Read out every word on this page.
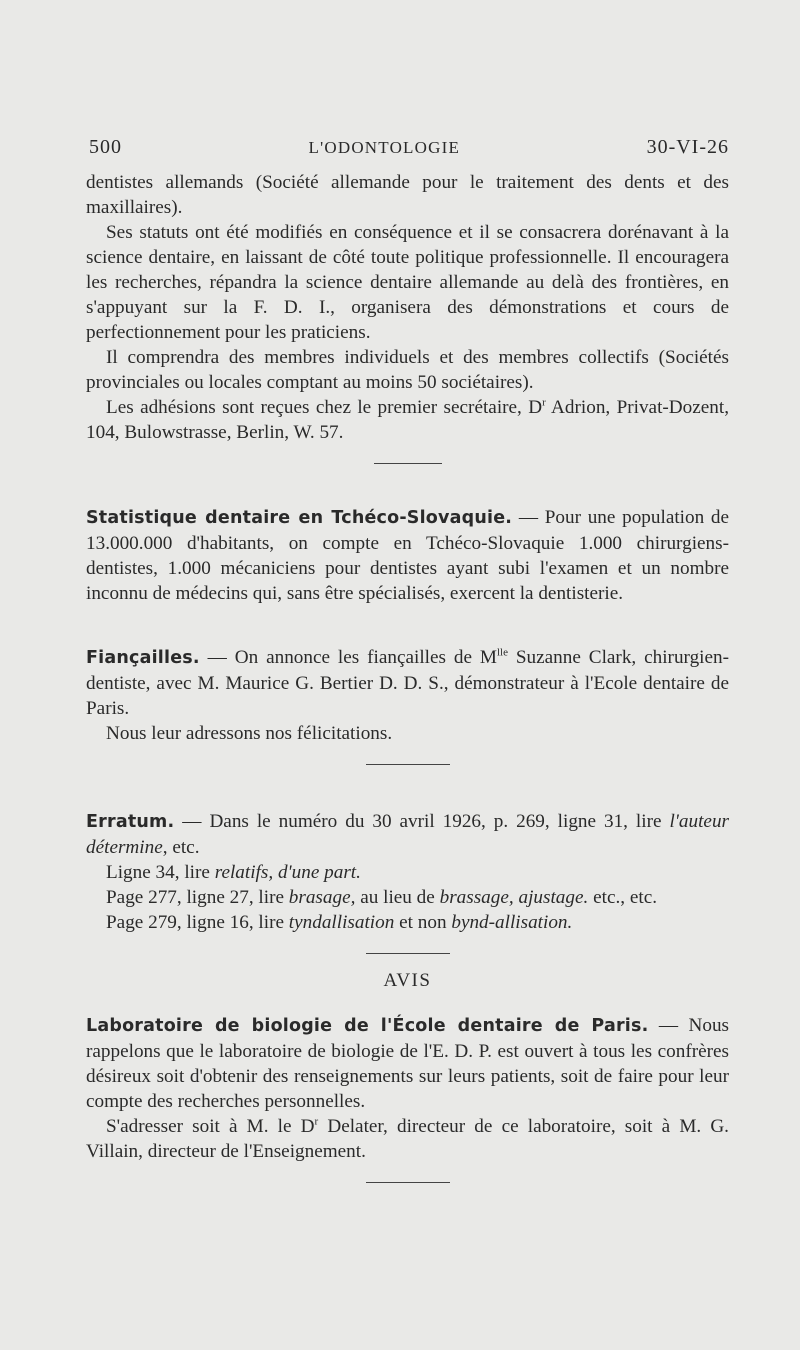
500	L'ODONTOLOGIE	30-VI-26

dentistes allemands (Société allemande pour le traitement des dents et des maxillaires).

Ses statuts ont été modifiés en conséquence et il se consacrera dorénavant à la science dentaire, en laissant de côté toute politique professionnelle. Il encouragera les recherches, répandra la science dentaire allemande au delà des frontières, en s'appuyant sur la F. D. I., organisera des démonstrations et cours de perfectionnement pour les praticiens.

Il comprendra des membres individuels et des membres collectifs (Sociétés provinciales ou locales comptant au moins 50 sociétaires).

Les adhésions sont reçues chez le premier secrétaire, $D^r$ Adrion, Privat-Dozent, 104, Bulowstrasse, Berlin, W. 57.

Statistique dentaire en Tchéco-Slovaquie. — Pour une population de 13.000.000 d'habitants, on compte en Tchéco-Slovaquie 1.000 chirurgiens-dentistes, 1.000 mécaniciens pour dentistes ayant subi l'examen et un nombre inconnu de médecins qui, sans être spécialisés, exercent la dentisterie.

Fiançailles. — On annonce les fiançailles de $M^{lle}$ Suzanne Clark, chirurgien-dentiste, avec M. Maurice G. Bertier D. D. S., démonstrateur à l'Ecole dentaire de Paris.

Nous leur adressons nos félicitations.

Erratum. — Dans le numéro du 30 avril 1926, p. 269, ligne 31, lire l'auteur détermine, etc.

Ligne 34, lire relatifs, d'une part.

Page 277, ligne 27, lire brasage, au lieu de brassage, ajustage. etc., etc.

Page 279, ligne 16, lire tyndallisation et non bynd-allisation.

AVIS

Laboratoire de biologie de l'École dentaire de Paris. — Nous rappelons que le laboratoire de biologie de l'E. D. P. est ouvert à tous les confrères désireux soit d'obtenir des renseignements sur leurs patients, soit de faire pour leur compte des recherches personnelles.

S'adresser soit à M. le $D^r$ Delater, directeur de ce laboratoire, soit à M. G. Villain, directeur de l'Enseignement.
